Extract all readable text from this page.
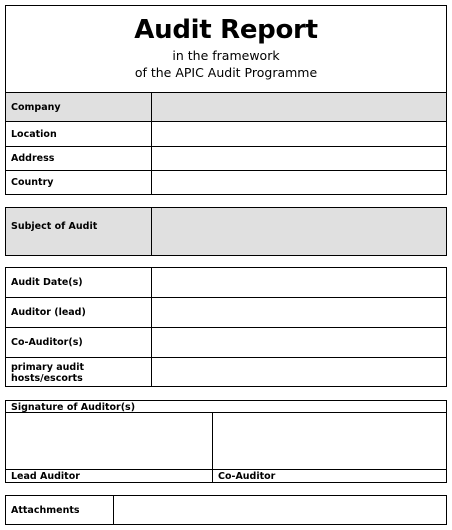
Audit Report
in the framework
of the APIC Audit Programme
Company
Location
Address
Country
Subject of Audit
Audit Date(s)
Auditor (lead)
Co-Auditor(s)
primary audit
hosts/escorts
Signature of Auditor(s)
Lead Auditor	Co-Auditor
Attachments
